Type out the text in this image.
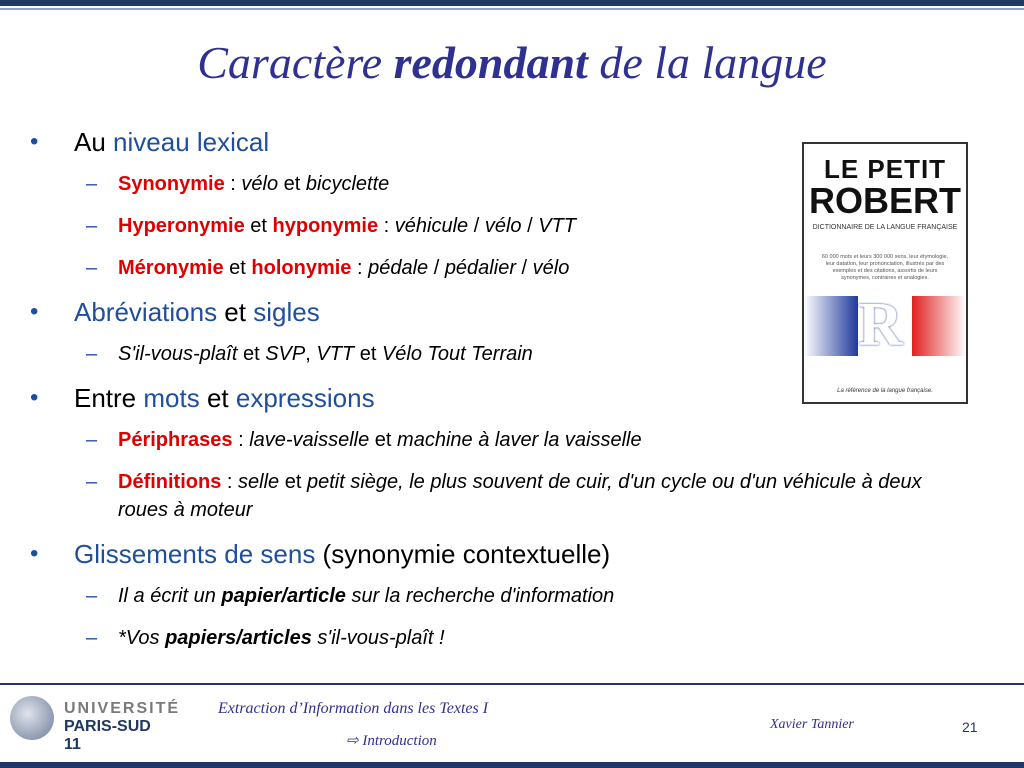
Caractère redondant de la langue
• Au niveau lexical
– Synonymie : vélo et bicyclette
– Hyperonymie et hyponymie : véhicule / vélo / VTT
– Méronymie et holonymie : pédale / pédalier / vélo
• Abréviations et sigles
– S'il-vous-plaît et SVP, VTT et Vélo Tout Terrain
• Entre mots et expressions
– Périphrases : lave-vaisselle et machine à laver la vaisselle
– Définitions : selle et petit siège, le plus souvent de cuir, d'un cycle ou d'un véhicule à deux roues à moteur
• Glissements de sens (synonymie contextuelle)
– Il a écrit un papier/article sur la recherche d'information
– *Vos papiers/articles s'il-vous-plaît !
LE PETIT
ROBERT
DICTIONNAIRE DE LA LANGUE FRANÇAISE
60 000 mots et leurs 300 000 sens, leur étymologie, leur datation, leur prononciation, illustrés par des exemples et des citations, assortis de leurs synonymes, contraires et analogies.
R
La référence de la langue française.
UNIVERSITÉ
PARIS-SUD 11
Extraction d’Information dans les Textes I
⇨ Introduction
Xavier Tannier	21
